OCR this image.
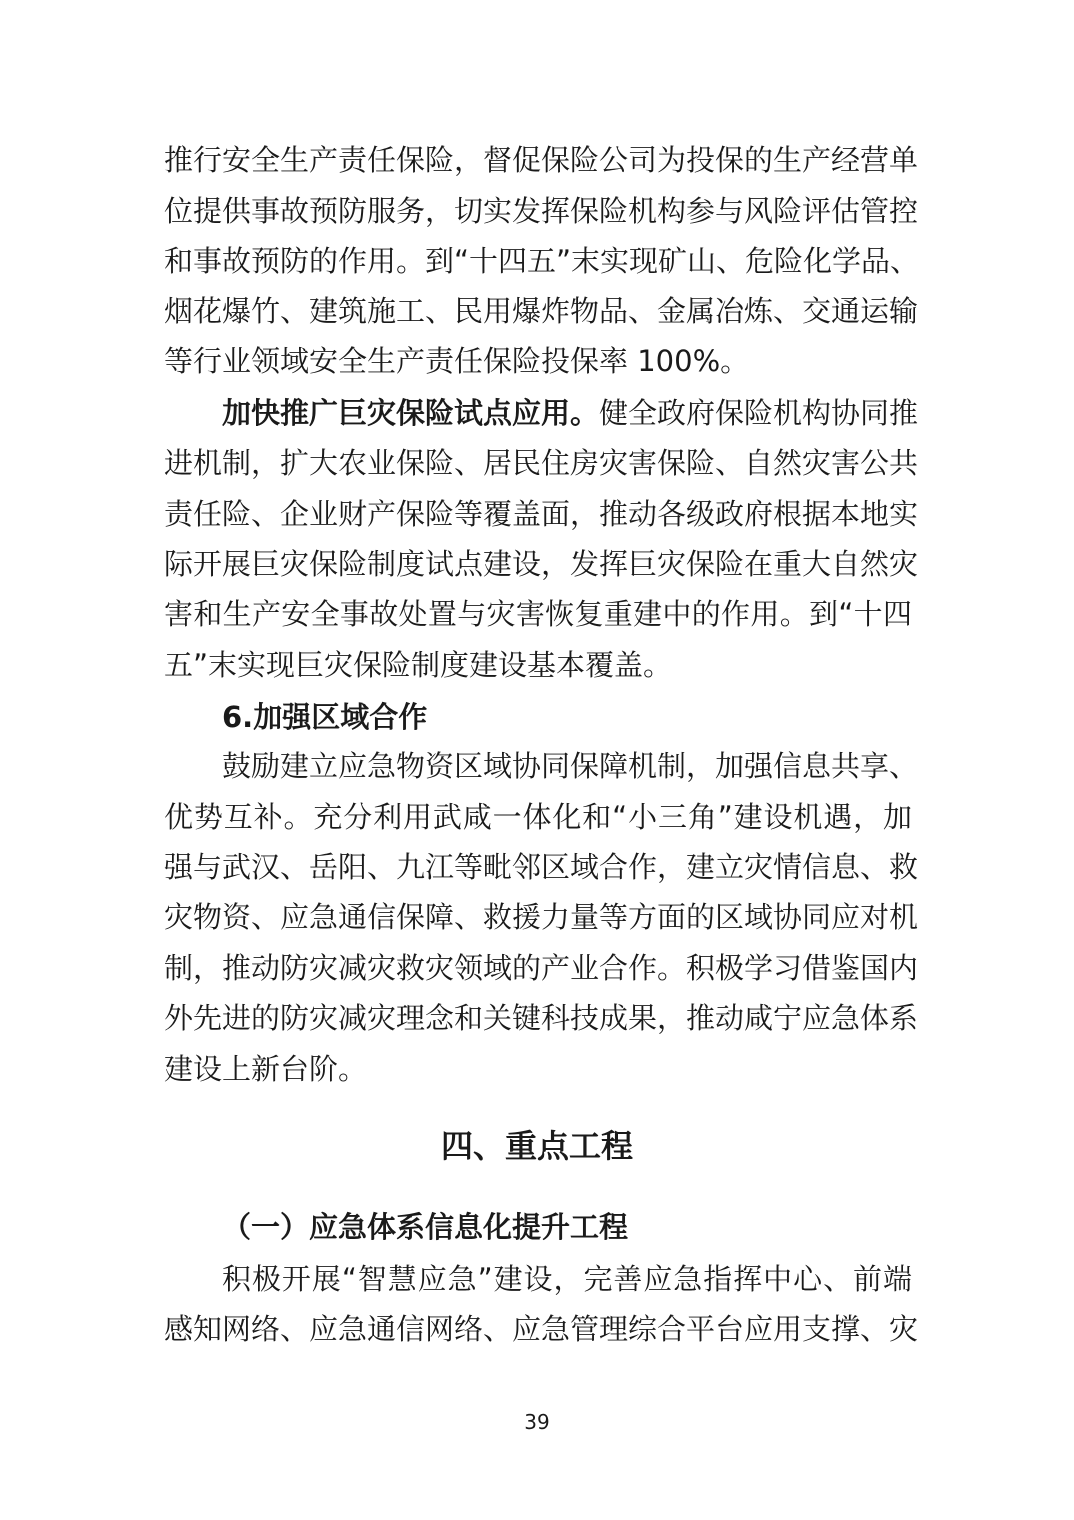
推行安全生产责任保险，督促保险公司为投保的生产经营单
位提供事故预防服务，切实发挥保险机构参与风险评估管控
和事故预防的作用。到“十四五”末实现矿山、危险化学品、
烟花爆竹、建筑施工、民用爆炸物品、金属冶炼、交通运输
等行业领域安全生产责任保险投保率 100%。
加快推广巨灾保险试点应用。健全政府保险机构协同推
进机制，扩大农业保险、居民住房灾害保险、自然灾害公共
责任险、企业财产保险等覆盖面，推动各级政府根据本地实
际开展巨灾保险制度试点建设，发挥巨灾保险在重大自然灾
害和生产安全事故处置与灾害恢复重建中的作用。到“十四
五”末实现巨灾保险制度建设基本覆盖。
6.加强区域合作
鼓励建立应急物资区域协同保障机制，加强信息共享、
优势互补。充分利用武咸一体化和“小三角”建设机遇，加
强与武汉、岳阳、九江等毗邻区域合作，建立灾情信息、救
灾物资、应急通信保障、救援力量等方面的区域协同应对机
制，推动防灾减灾救灾领域的产业合作。积极学习借鉴国内
外先进的防灾减灾理念和关键科技成果，推动咸宁应急体系
建设上新台阶。
四、重点工程
（一）应急体系信息化提升工程
积极开展“智慧应急”建设，完善应急指挥中心、前端
感知网络、应急通信网络、应急管理综合平台应用支撑、灾
39
